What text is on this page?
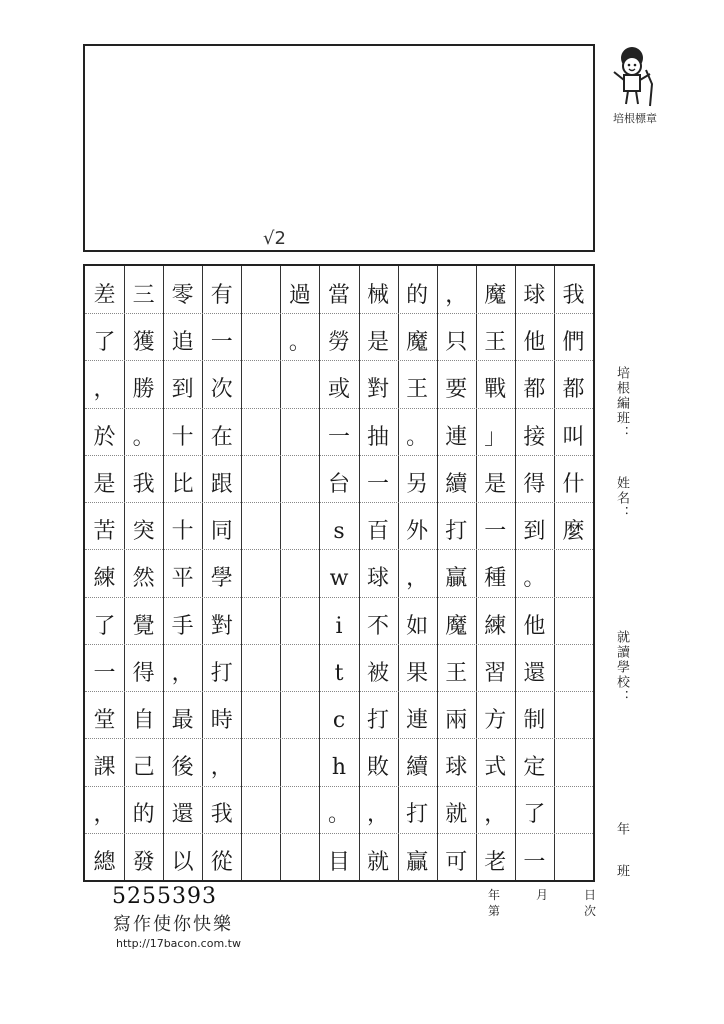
√2
培根標章
我
們
都
叫
什
麼
球
他
都
接
得
到
。
他
還
制
定
了
一
魔
王
戰
」
是
一
種
練
習
方
式
，
老
，
只
要
連
續
打
贏
魔
王
兩
球
就
可
的
魔
王
。
另
外
，
如
果
連
續
打
贏
械
是
對
抽
一
百
球
不
被
打
敗
，
就
當
勞
或
一
台
s
w
i
t
c
h
。
目
過
。
有
一
次
在
跟
同
學
對
打
時
，
我
從
零
追
到
十
比
十
平
手
，
最
後
還
以
三
獲
勝
。
我
突
然
覺
得
自
己
的
發
差
了
，
於
是
苦
練
了
一
堂
課
，
總
培根編班：
姓名：
就讀學校：
年
班
年	月	日
第	次
5255393
寫作使你快樂
http://17bacon.com.tw
